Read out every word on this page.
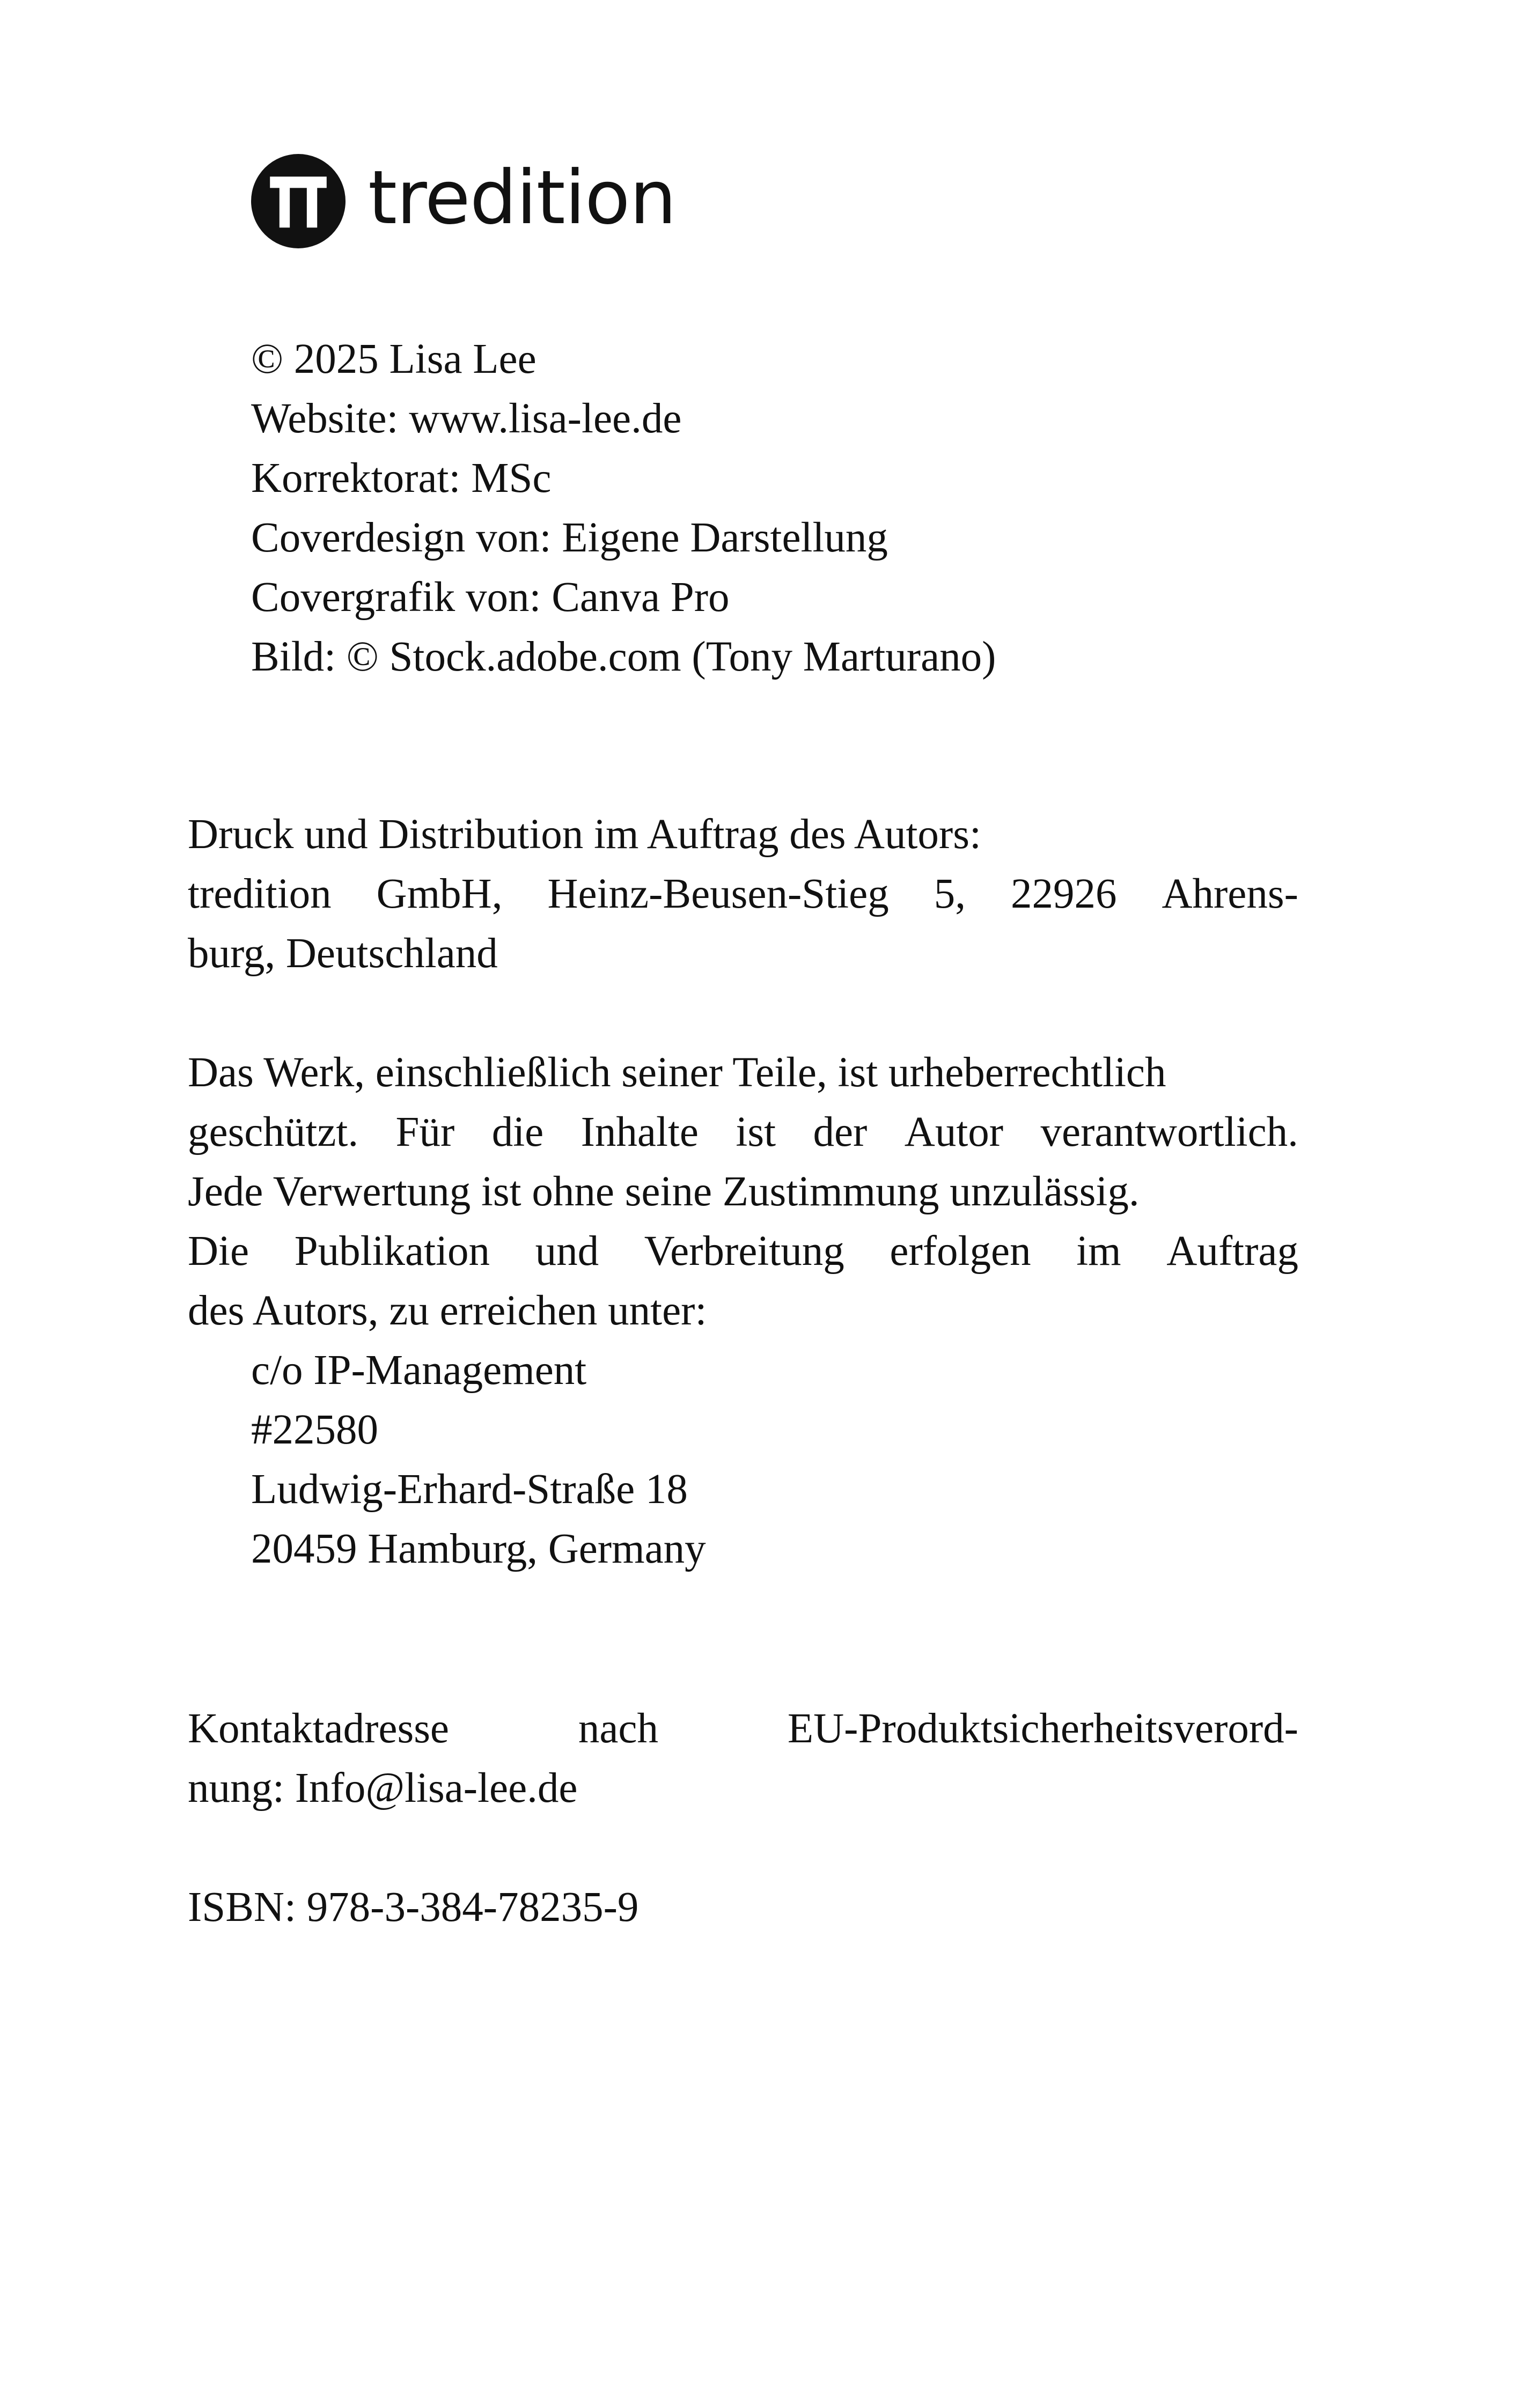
tredition

© 2025 Lisa Lee

Website: www.lisa-lee.de

Korrektorat: MSc

Coverdesign von: Eigene Darstellung

Covergrafik von: Canva Pro

Bild: © Stock.adobe.com (Tony Marturano)

Druck und Distribution im Auftrag des Autors:

tredition GmbH, Heinz-Beusen-Stieg 5, 22926 Ahrens-

burg, Deutschland

Das Werk, einschließlich seiner Teile, ist urheberrechtlich

geschützt. Für die Inhalte ist der Autor verantwortlich.

Jede Verwertung ist ohne seine Zustimmung unzulässig.

Die Publikation und Verbreitung erfolgen im Auftrag

des Autors, zu erreichen unter:

c/o IP-Management

#22580

Ludwig-Erhard-Straße 18

20459 Hamburg, Germany

Kontaktadresse	nach	EU-Produktsicherheitsverord-

nung: Info@lisa-lee.de

ISBN: 978-3-384-78235-9
